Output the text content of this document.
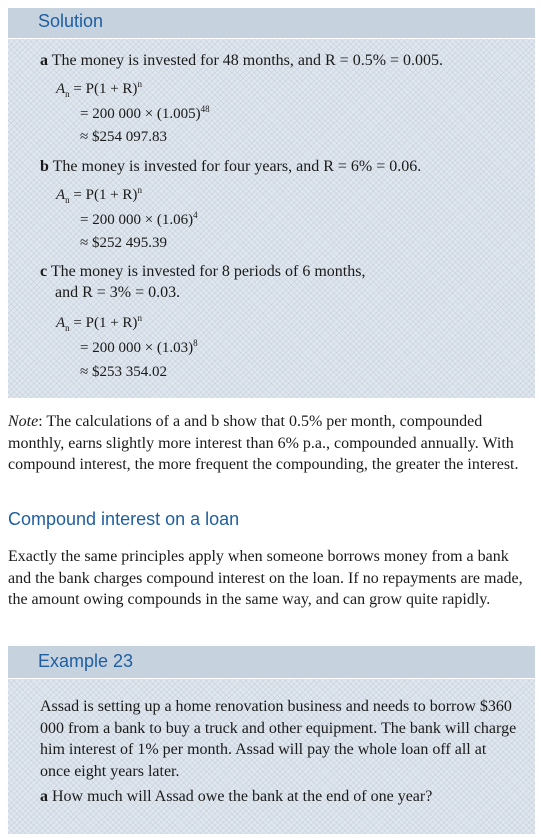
Solution
a The money is invested for 48 months, and R = 0.5% = 0.005.
$A_n = P(1 + R)^n$
= 200 $000 \times (1.005)^{48}$
≈ $254 097.83
b The money is invested for four years, and R = 6% = 0.06.
$A_n = P(1 + R)^n$
= 200 $000 \times (1.06)^4$
≈ $252 495.39
c The money is invested for 8 periods of 6 months,
and R = 3% = 0.03.
$A_n = P(1 + R)^n$
= 200 $000 \times (1.03)^8$
≈ $253 354.02
Note: The calculations of a and b show that 0.5% per month, compounded monthly, earns slightly more interest than 6% p.a., compounded annually. With compound interest, the more frequent the compounding, the greater the interest.
Compound interest on a loan
Exactly the same principles apply when someone borrows money from a bank and the bank charges compound interest on the loan. If no repayments are made, the amount owing compounds in the same way, and can grow quite rapidly.
Example 23
Assad is setting up a home renovation business and needs to borrow $360 000 from a bank to buy a truck and other equipment. The bank will charge him interest of 1% per month. Assad will pay the whole loan off all at once eight years later.
a How much will Assad owe the bank at the end of one year?
